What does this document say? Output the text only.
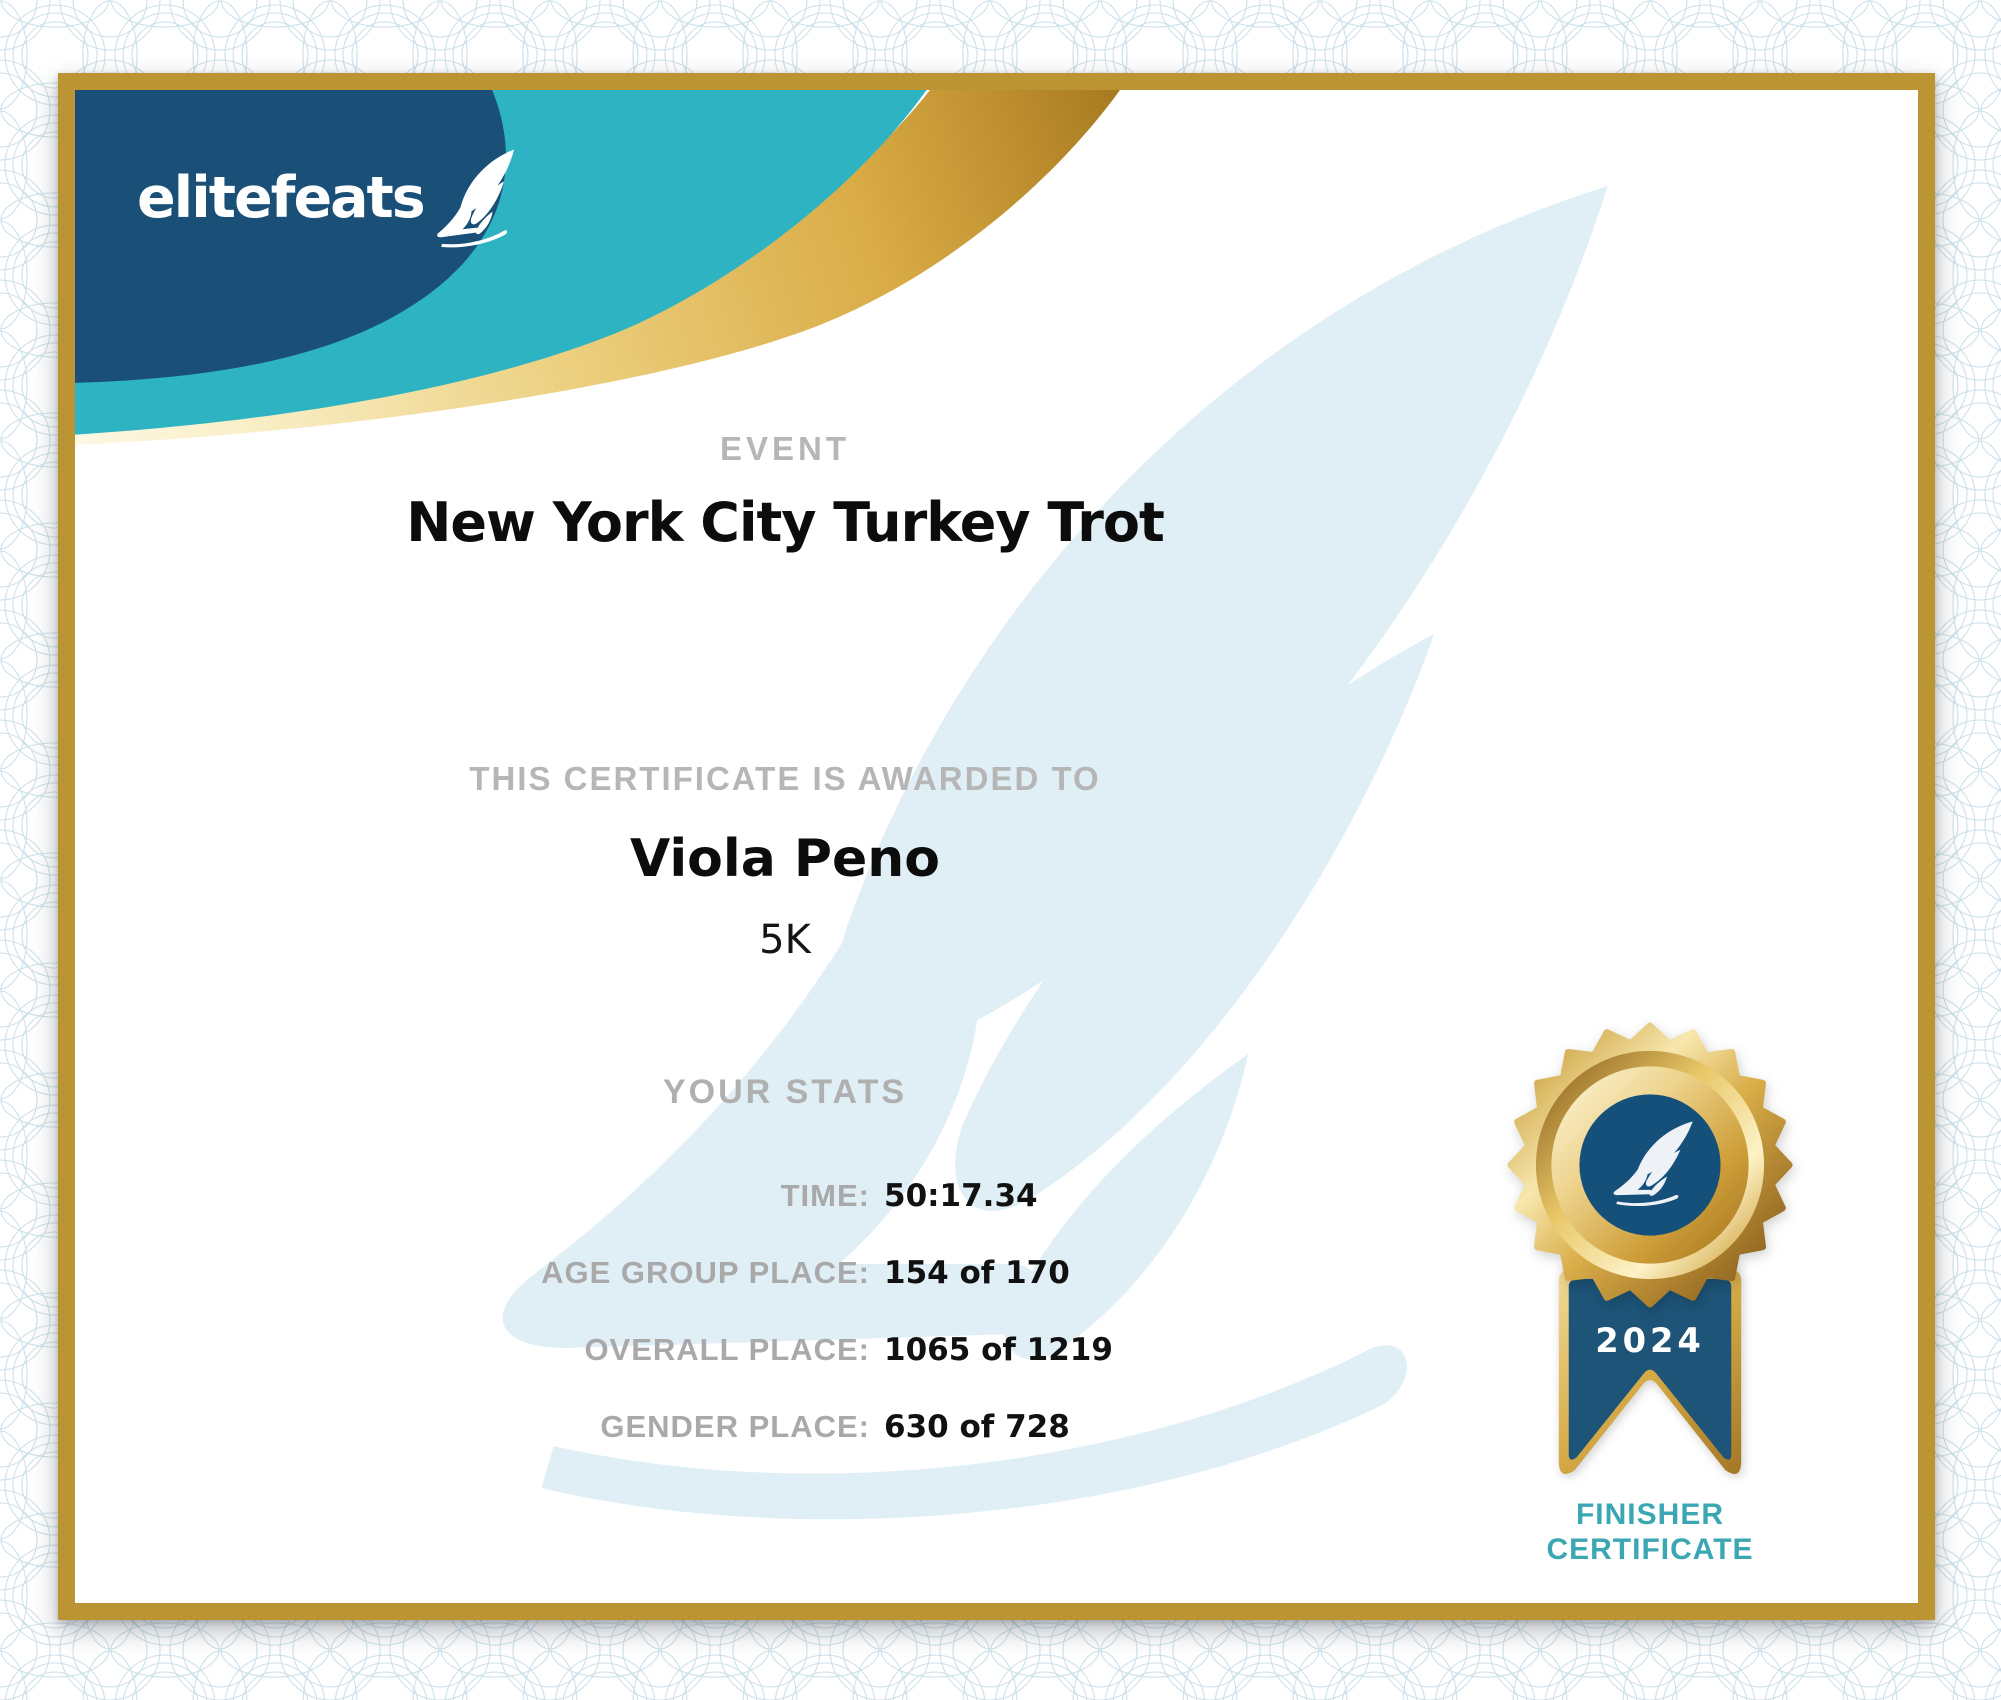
elitefeats
EVENT
New York City Turkey Trot
THIS CERTIFICATE IS AWARDED TO
Viola Peno
5K
YOUR STATS
TIME: 50:17.34
AGE GROUP PLACE: 154 of 170
OVERALL PLACE: 1065 of 1219
GENDER PLACE: 630 of 728
2024
FINISHER
CERTIFICATE
